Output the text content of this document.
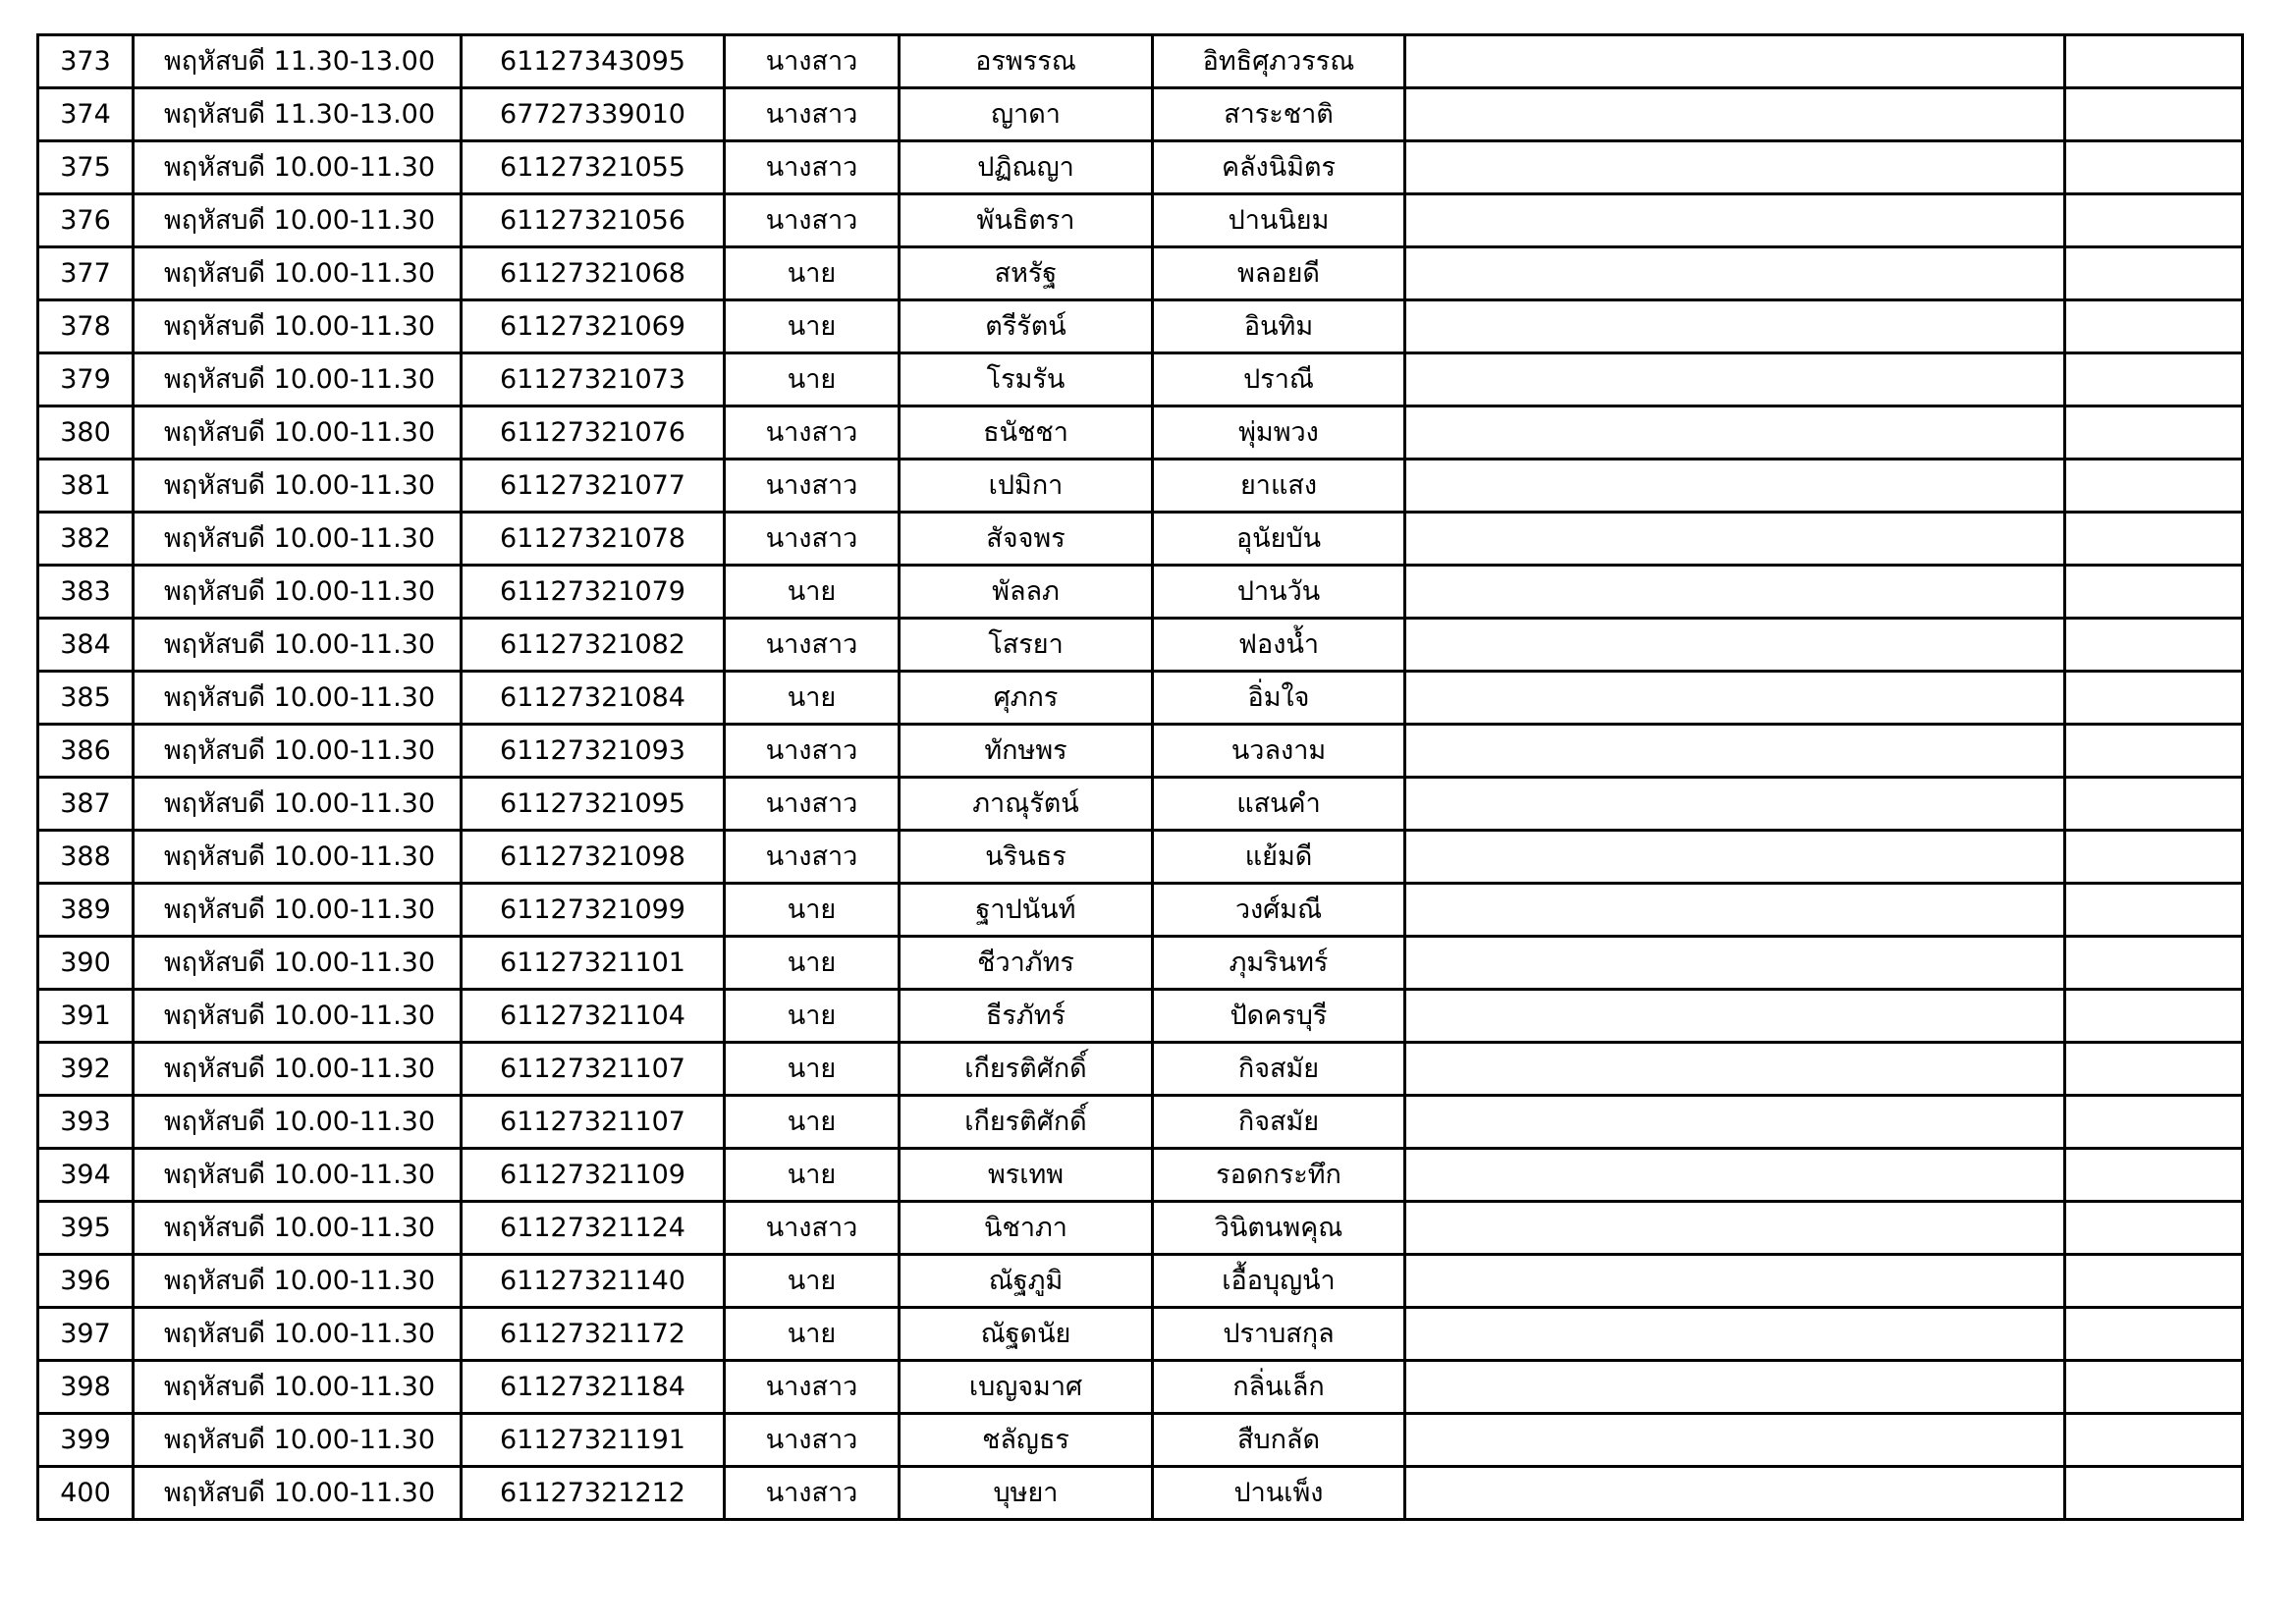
373	พฤหัสบดี 11.30-13.00	61127343095	นางสาว	อรพรรณ	อิทธิศุภวรรณ		
374	พฤหัสบดี 11.30-13.00	67727339010	นางสาว	ญาดา	สาระชาติ		
375	พฤหัสบดี 10.00-11.30	61127321055	นางสาว	ปฏิณญา	คลังนิมิตร		
376	พฤหัสบดี 10.00-11.30	61127321056	นางสาว	พันธิตรา	ปานนิยม		
377	พฤหัสบดี 10.00-11.30	61127321068	นาย	สหรัฐ	พลอยดี		
378	พฤหัสบดี 10.00-11.30	61127321069	นาย	ตรีรัตน์	อินทิม		
379	พฤหัสบดี 10.00-11.30	61127321073	นาย	โรมรัน	ปราณี		
380	พฤหัสบดี 10.00-11.30	61127321076	นางสาว	ธนัชชา	พุ่มพวง		
381	พฤหัสบดี 10.00-11.30	61127321077	นางสาว	เปมิกา	ยาแสง		
382	พฤหัสบดี 10.00-11.30	61127321078	นางสาว	สัจจพร	อุนัยบัน		
383	พฤหัสบดี 10.00-11.30	61127321079	นาย	พัลลภ	ปานวัน		
384	พฤหัสบดี 10.00-11.30	61127321082	นางสาว	โสรยา	ฟองน้ำ		
385	พฤหัสบดี 10.00-11.30	61127321084	นาย	ศุภกร	อิ่มใจ		
386	พฤหัสบดี 10.00-11.30	61127321093	นางสาว	ทักษพร	นวลงาม		
387	พฤหัสบดี 10.00-11.30	61127321095	นางสาว	ภาณุรัตน์	แสนคำ		
388	พฤหัสบดี 10.00-11.30	61127321098	นางสาว	นรินธร	แย้มดี		
389	พฤหัสบดี 10.00-11.30	61127321099	นาย	ฐาปนันท์	วงศ์มณี		
390	พฤหัสบดี 10.00-11.30	61127321101	นาย	ชีวาภัทร	ภุมรินทร์		
391	พฤหัสบดี 10.00-11.30	61127321104	นาย	ธีรภัทร์	ปัดครบุรี		
392	พฤหัสบดี 10.00-11.30	61127321107	นาย	เกียรติศักดิ์	กิจสมัย		
393	พฤหัสบดี 10.00-11.30	61127321107	นาย	เกียรติศักดิ์	กิจสมัย		
394	พฤหัสบดี 10.00-11.30	61127321109	นาย	พรเทพ	รอดกระทึก		
395	พฤหัสบดี 10.00-11.30	61127321124	นางสาว	นิชาภา	วินิตนพคุณ		
396	พฤหัสบดี 10.00-11.30	61127321140	นาย	ณัฐภูมิ	เอื้อบุญนำ		
397	พฤหัสบดี 10.00-11.30	61127321172	นาย	ณัฐดนัย	ปราบสกุล		
398	พฤหัสบดี 10.00-11.30	61127321184	นางสาว	เบญจมาศ	กลิ่นเล็ก		
399	พฤหัสบดี 10.00-11.30	61127321191	นางสาว	ชลัญธร	สืบกลัด		
400	พฤหัสบดี 10.00-11.30	61127321212	นางสาว	บุษยา	ปานเพ็ง		
